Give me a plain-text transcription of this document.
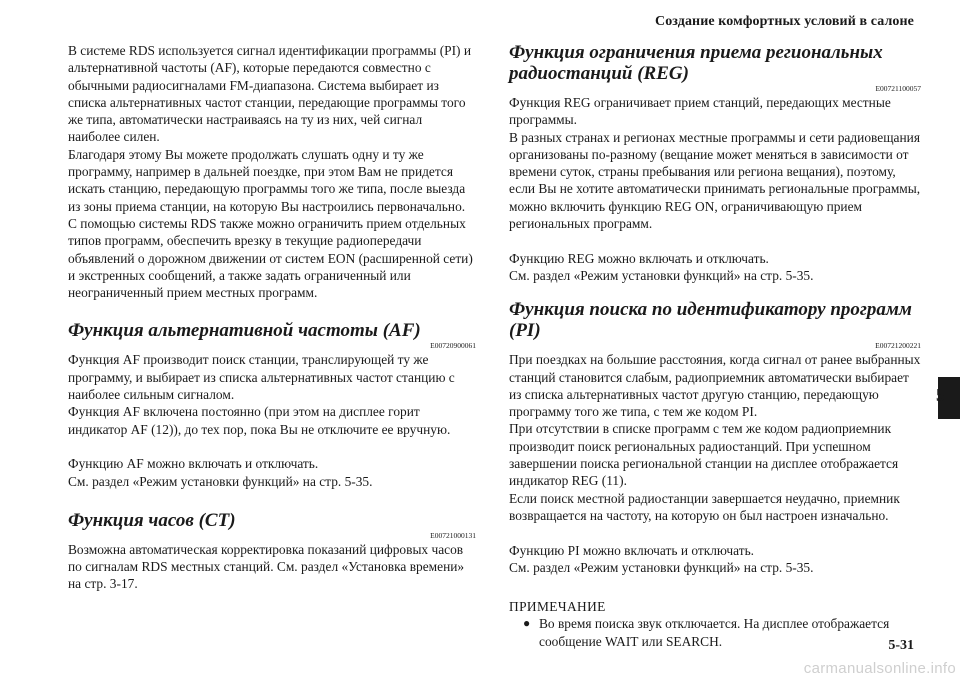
Создание комфортных условий в салоне
В системе RDS используется сигнал идентификации программы (PI) и альтернативной частоты (AF), которые передаются совместно с обычными радиосигналами FM-диапазона. Система выбирает из списка альтернативных частот станции, передающие программы того же типа, автоматически настраиваясь на ту из них, чей сигнал наиболее силен.
Благодаря этому Вы можете продолжать слушать одну и ту же программу, например в дальней поездке, при этом Вам не придется искать станцию, передающую программы того же типа, после выезда из зоны приема станции, на которую Вы настроились первоначально. С помощью системы RDS также можно ограничить прием отдельных типов программ, обеспечить врезку в текущие радиопередачи объявлений о дорожном движении от систем EON (расширенной сети) и экстренных сообщений, а также задать ограниченный или неограниченный прием местных программ.
Функция альтернативной частоты (AF)
E00720900061
Функция AF производит поиск станции, транслирующей ту же программу, и выбирает из списка альтернативных частот станцию с наиболее сильным сигналом.
Функция AF включена постоянно (при этом на дисплее горит индикатор AF (12)), до тех пор, пока Вы не отключите ее вручную.
Функцию AF можно включать и отключать.
См. раздел «Режим установки функций» на стр. 5-35.
Функция часов (CT)
E00721000131
Возможна автоматическая корректировка показаний цифровых часов по сигналам RDS местных станций. См. раздел «Установка времени» на стр. 3-17.
Функция ограничения приема региональных
радиостанций (REG)
E00721100057
Функция REG ограничивает прием станций, передающих местные программы.
В разных странах и регионах местные программы и сети радиовещания организованы по-разному (вещание может меняться в зависимости от времени суток, страны пребывания или региона вещания), поэтому, если Вы не хотите автоматически принимать региональные программы, можно включить функцию REG ON, ограничивающую прием региональных программ.
Функцию REG можно включать и отключать.
См. раздел «Режим установки функций» на стр. 5-35.
Функция поиска по идентификатору программ (PI)
E00721200221
При поездках на большие расстояния, когда сигнал от ранее выбранных станций становится слабым, радиоприемник автоматически выбирает из списка альтернативных частот другую станцию, передающую программу того же типа, с тем же кодом PI.
При отсутствии в списке программ с тем же кодом радиоприемник производит поиск региональных радиостанций. При успешном завершении поиска региональной станции на дисплее отображается индикатор REG (11).
Если поиск местной радиостанции завершается неудачно, приемник возвращается на частоту, на которую он был настроен изначально.
Функцию PI можно включать и отключать.
См. раздел «Режим установки функций» на стр. 5-35.
ПРИМЕЧАНИЕ
● Во время поиска звук отключается. На дисплее отображается сообщение WAIT или SEARCH.
5
5-31
carmanualsonline.info
